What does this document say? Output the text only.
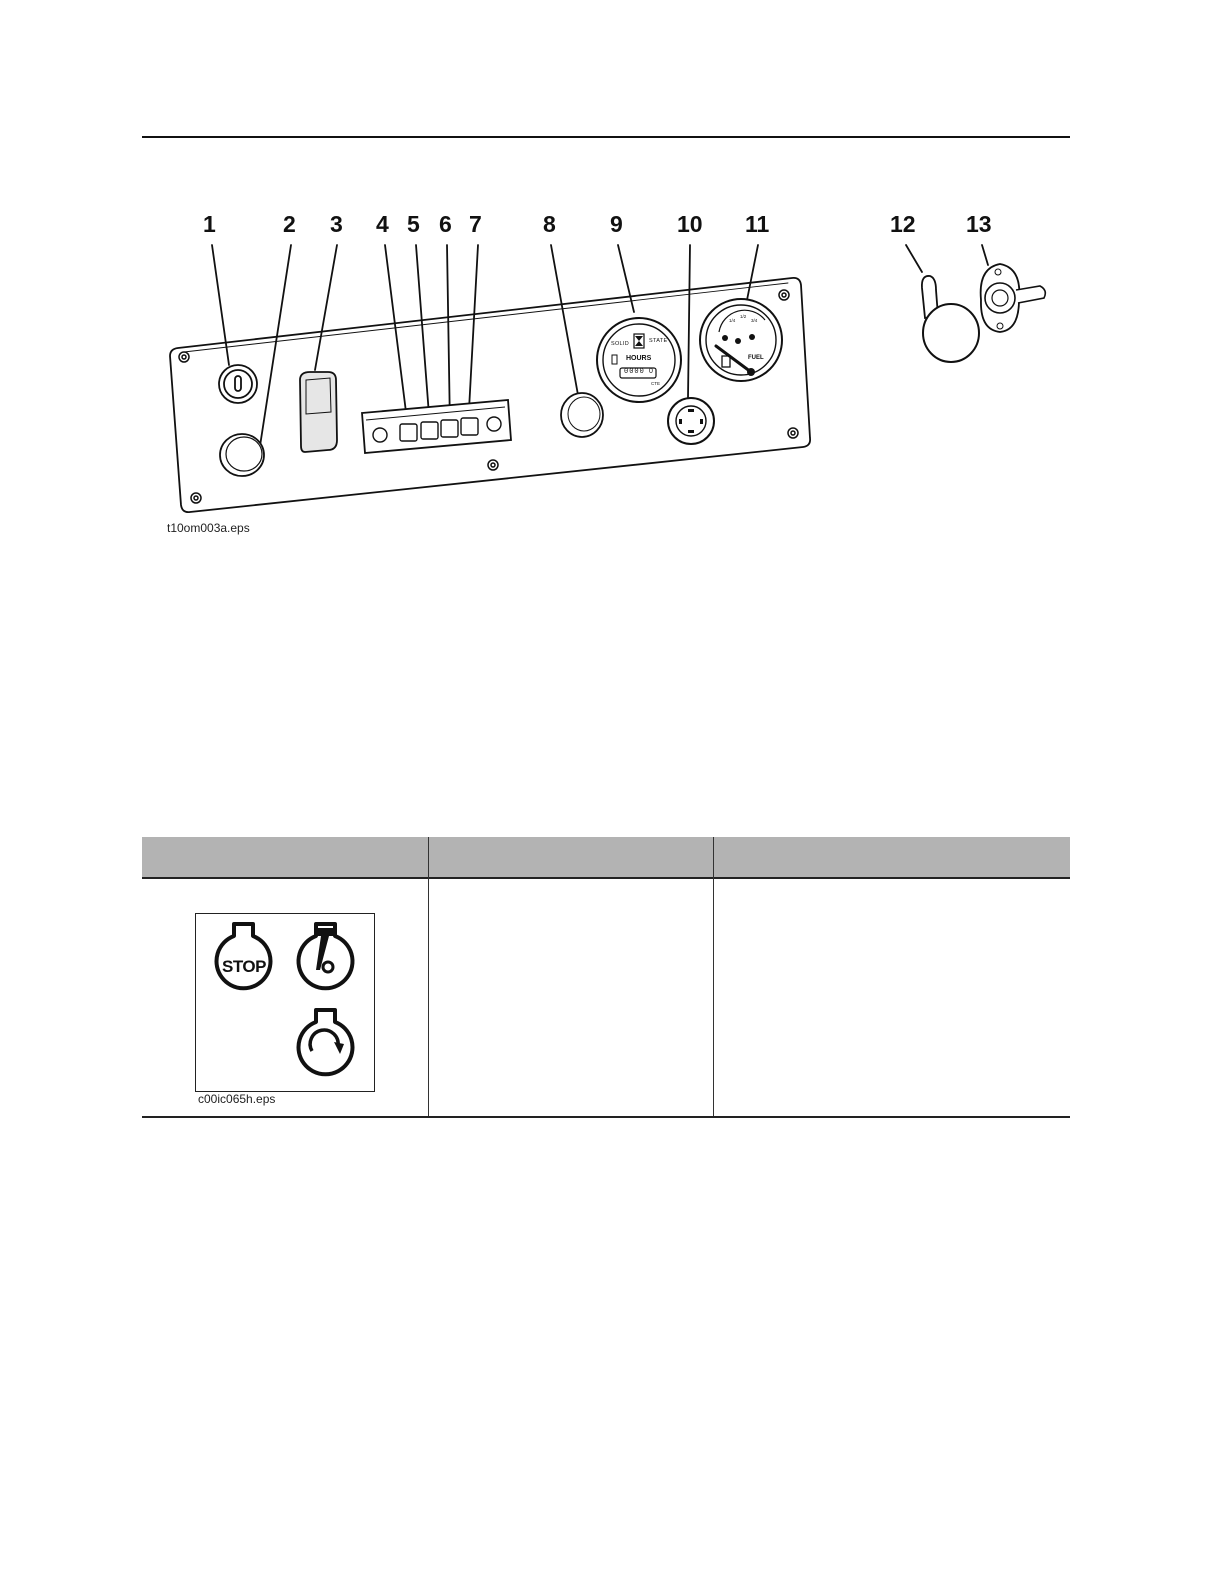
1	2 3 4 5 6 7	8 9 10 11	12 13
SOLID	STATE
HOURS
0000 0
CTE
FUEL
1/4
1/2
3/4
t10om003a.eps
STOP
c00ic065h.eps
